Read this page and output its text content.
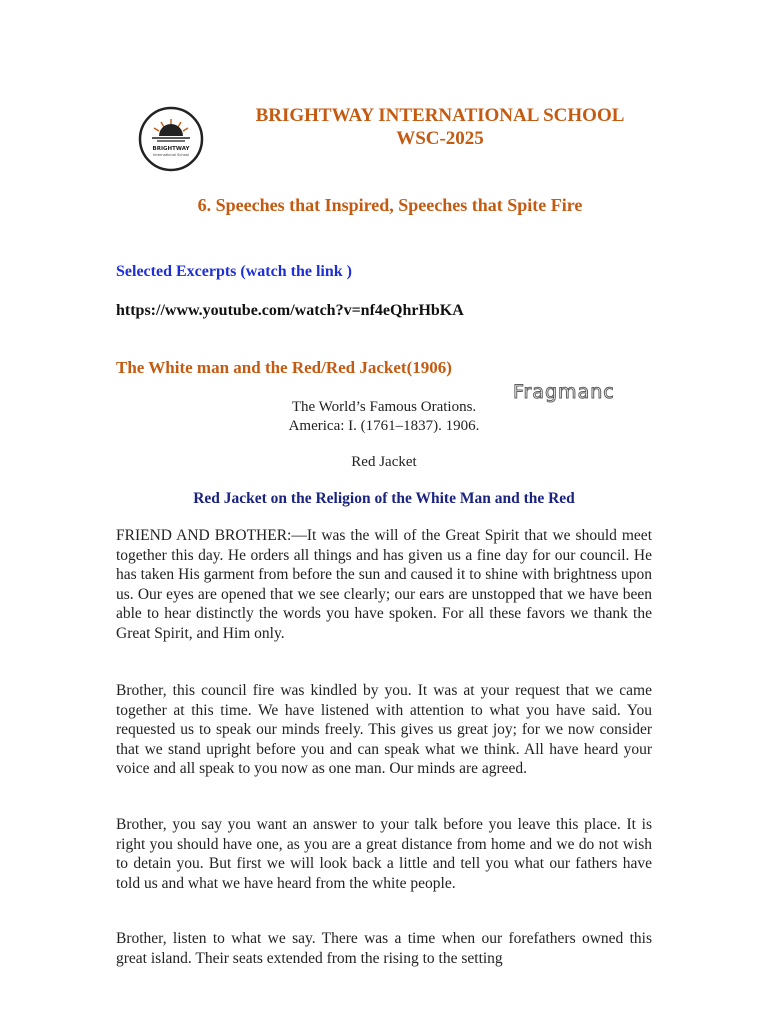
BRIGHTWAY
International School
BRIGHTWAY INTERNATIONAL SCHOOL
WSC-2025
6. Speeches that Inspired, Speeches that Spite Fire
Selected Excerpts (watch the link )
https://www.youtube.com/watch?v=nf4eQhrHbKA
The White man and the Red/Red Jacket(1906)
Fragmanc
The World’s Famous Orations.
America: I. (1761–1837). 1906.
Red Jacket
Red Jacket on the Religion of the White Man and the Red

FRIEND AND BROTHER:—It was the will of the Great Spirit that we should meet together this day. He orders all things and has given us a fine day for our council. He has taken His garment from before the sun and caused it to shine with brightness upon us. Our eyes are opened that we see clearly; our ears are unstopped that we have been able to hear distinctly the words you have spoken. For all these favors we thank the Great Spirit, and Him only.

Brother, this council fire was kindled by you. It was at your request that we came together at this time. We have listened with attention to what you have said. You requested us to speak our minds freely. This gives us great joy; for we now consider that we stand upright before you and can speak what we think. All have heard your voice and all speak to you now as one man. Our minds are agreed.

Brother, you say you want an answer to your talk before you leave this place. It is right you should have one, as you are a great distance from home and we do not wish to detain you. But first we will look back a little and tell you what our fathers have told us and what we have heard from the white people.

Brother, listen to what we say. There was a time when our forefathers owned this great island. Their seats extended from the rising to the setting
